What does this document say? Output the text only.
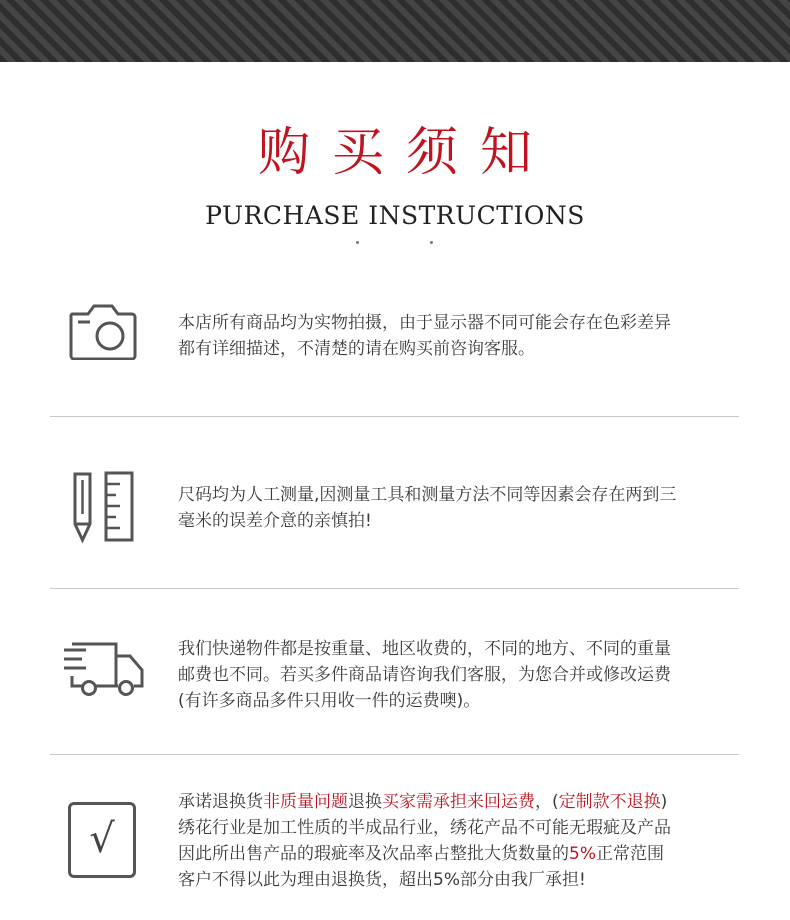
购买须知
PURCHASE INSTRUCTIONS
本店所有商品均为实物拍摄，由于显示器不同可能会存在色彩差异
都有详细描述，不清楚的请在购买前咨询客服。
尺码均为人工测量,因测量工具和测量方法不同等因素会存在两到三
毫米的误差介意的亲慎拍!
我们快递物件都是按重量、地区收费的，不同的地方、不同的重量
邮费也不同。若买多件商品请咨询我们客服，为您合并或修改运费
(有许多商品多件只用收一件的运费噢)。
√
承诺退换货非质量问题退换买家需承担来回运费，(定制款不退换)
绣花行业是加工性质的半成品行业，绣花产品不可能无瑕疵及产品
因此所出售产品的瑕疵率及次品率占整批大货数量的5%正常范围
客户不得以此为理由退换货，超出5%部分由我厂承担!
